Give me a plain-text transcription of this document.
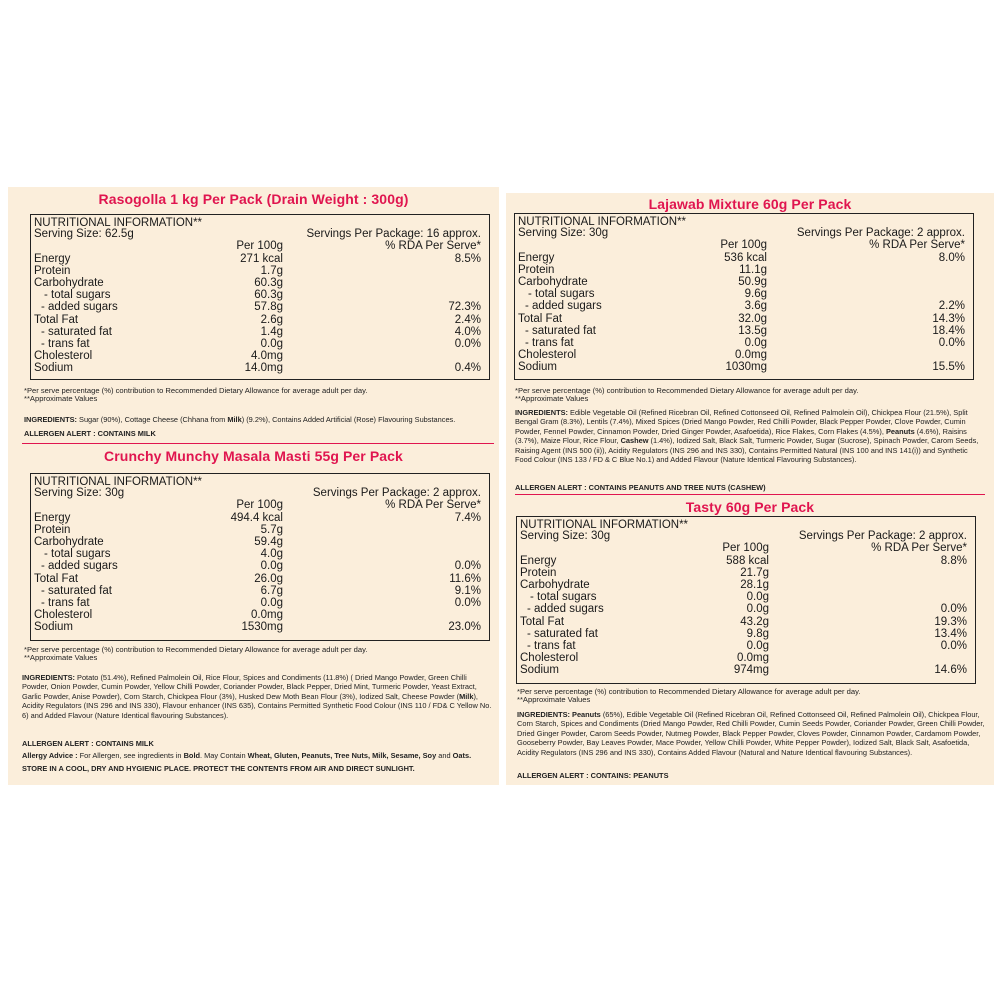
Rasogolla 1 kg Per Pack (Drain Weight : 300g)
NUTRITIONAL INFORMATION**
Serving Size: 62.5g	Servings Per Package: 16 approx.
Per 100g	% RDA Per Serve*
Energy	271 kcal	8.5%
Protein	1.7g
Carbohydrate	60.3g
- total sugars	60.3g
- added sugars	57.8g	72.3%
Total Fat	2.6g	2.4%
- saturated fat	1.4g	4.0%
- trans fat	0.0g	0.0%
Cholesterol	4.0mg
Sodium	14.0mg	0.4%
*Per serve percentage (%) contribution to Recommended Dietary Allowance for average adult per day.
**Approximate Values
INGREDIENTS: Sugar (90%), Cottage Cheese (Chhana from Milk) (9.2%), Contains Added Artificial (Rose) Flavouring Substances.
ALLERGEN ALERT : CONTAINS MILK
Crunchy Munchy Masala Masti 55g Per Pack
NUTRITIONAL INFORMATION**
Serving Size: 30g	Servings Per Package: 2 approx.
Per 100g	% RDA Per Serve*
Energy	494.4 kcal	7.4%
Protein	5.7g
Carbohydrate	59.4g
- total sugars	4.0g
- added sugars	0.0g	0.0%
Total Fat	26.0g	11.6%
- saturated fat	6.7g	9.1%
- trans fat	0.0g	0.0%
Cholesterol	0.0mg
Sodium	1530mg	23.0%
*Per serve percentage (%) contribution to Recommended Dietary Allowance for average adult per day.
**Approximate Values
INGREDIENTS: Potato (51.4%), Refined Palmolein Oil, Rice Flour, Spices and Condiments (11.8%) ( Dried Mango Powder, Green Chilli Powder, Onion Powder, Cumin Powder, Yellow Chilli Powder, Coriander Powder, Black Pepper, Dried Mint, Turmeric Powder, Yeast Extract, Garlic Powder, Anise Powder), Corn Starch, Chickpea Flour (3%), Husked Dew Moth Bean Flour (3%), Iodized Salt, Cheese Powder (Milk), Acidity Regulators (INS 296 and INS 330), Flavour enhancer (INS 635), Contains Permitted Synthetic Food Colour (INS 110 / FD& C Yellow No. 6) and Added Flavour (Nature Identical flavouring Substances).
ALLERGEN ALERT : CONTAINS MILK
Allergy Advice : For Allergen, see ingredients in Bold. May Contain Wheat, Gluten, Peanuts, Tree Nuts, Milk, Sesame, Soy and Oats.
STORE IN A COOL, DRY AND HYGIENIC PLACE. PROTECT THE CONTENTS FROM AIR AND DIRECT SUNLIGHT.
Lajawab Mixture 60g Per Pack
NUTRITIONAL INFORMATION**
Serving Size: 30g	Servings Per Package: 2 approx.
Per 100g	% RDA Per Serve*
Energy	536 kcal	8.0%
Protein	11.1g
Carbohydrate	50.9g
- total sugars	9.6g
- added sugars	3.6g	2.2%
Total Fat	32.0g	14.3%
- saturated fat	13.5g	18.4%
- trans fat	0.0g	0.0%
Cholesterol	0.0mg
Sodium	1030mg	15.5%
*Per serve percentage (%) contribution to Recommended Dietary Allowance for average adult per day.
**Approximate Values
INGREDIENTS: Edible Vegetable Oil (Refined Ricebran Oil, Refined Cottonseed Oil, Refined Palmolein Oil), Chickpea Flour (21.5%), Split Bengal Gram (8.3%), Lentils (7.4%), Mixed Spices (Dried Mango Powder, Red Chilli Powder, Black Pepper Powder, Clove Powder, Cumin Powder, Fennel Powder, Cinnamon Powder, Dried Ginger Powder, Asafoetida), Rice Flakes, Corn Flakes (4.5%), Peanuts (4.6%), Raisins (3.7%), Maize Flour, Rice Flour, Cashew (1.4%), Iodized Salt, Black Salt, Turmeric Powder, Sugar (Sucrose), Spinach Powder, Carom Seeds, Raising Agent (INS 500 (ii)), Acidity Regulators (INS 296 and INS 330), Contains Permitted Natural (INS 100 and INS 141(i)) and Synthetic Food Colour (INS 133 / FD & C Blue No.1) and Added Flavour (Nature Identical Flavouring Substances).
ALLERGEN ALERT : CONTAINS PEANUTS AND TREE NUTS (CASHEW)
Tasty 60g Per Pack
NUTRITIONAL INFORMATION**
Serving Size: 30g	Servings Per Package: 2 approx.
Per 100g	% RDA Per Serve*
Energy	588 kcal	8.8%
Protein	21.7g
Carbohydrate	28.1g
- total sugars	0.0g
- added sugars	0.0g	0.0%
Total Fat	43.2g	19.3%
- saturated fat	9.8g	13.4%
- trans fat	0.0g	0.0%
Cholesterol	0.0mg
Sodium	974mg	14.6%
*Per serve percentage (%) contribution to Recommended Dietary Allowance for average adult per day.
**Approximate Values
INGREDIENTS: Peanuts (65%), Edible Vegetable Oil (Refined Ricebran Oil, Refined Cottonseed Oil, Refined Palmolein Oil), Chickpea Flour, Corn Starch, Spices and Condiments (Dried Mango Powder, Red Chilli Powder, Cumin Seeds Powder, Coriander Powder, Green Chilli Powder, Dried Ginger Powder, Carom Seeds Powder, Nutmeg Powder, Black Pepper Powder, Cloves Powder, Cinnamon Powder, Cardamom Powder, Gooseberry Powder, Bay Leaves Powder, Mace Powder, Yellow Chilli Powder, White Pepper Powder), Iodized Salt, Black Salt, Asafoetida, Acidity Regulators (INS 296 and INS 330), Contains Added Flavour (Natural and Nature Identical flavouring Substances).
ALLERGEN ALERT : CONTAINS: PEANUTS
